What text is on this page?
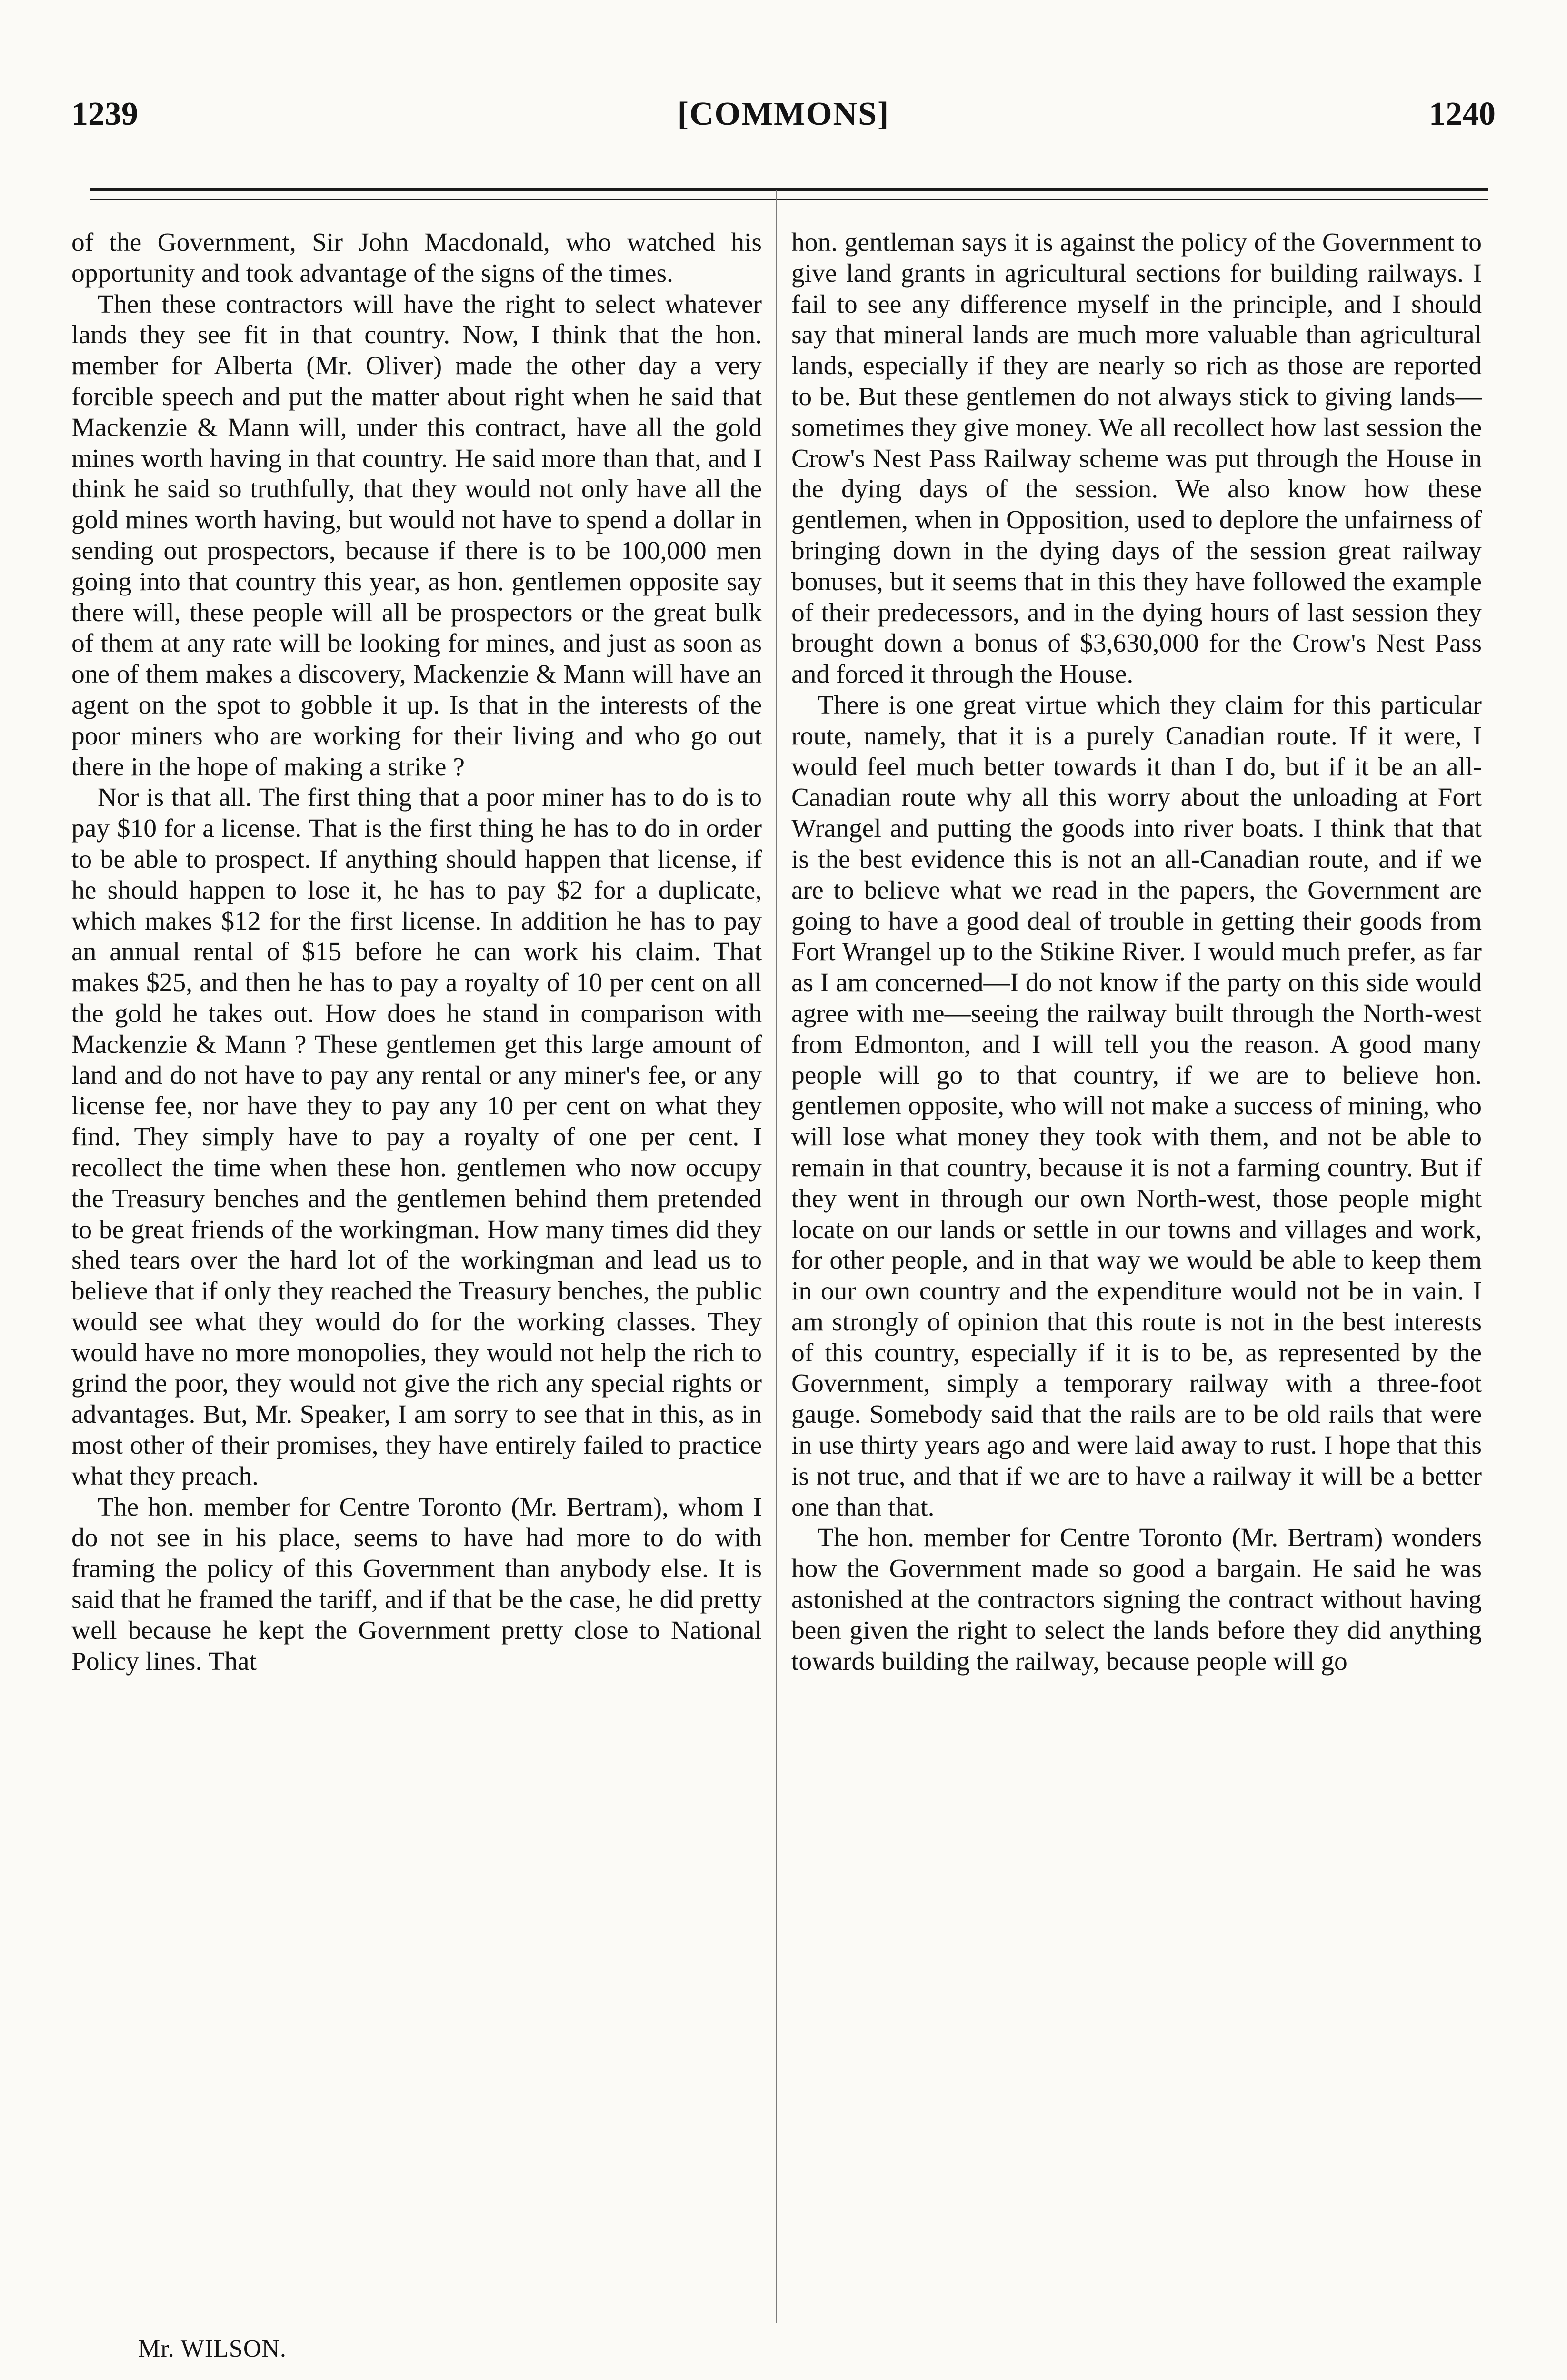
1239	[COMMONS]	1240

of the Government, Sir John Macdonald, who watched his opportunity and took advantage of the signs of the times.

Then these contractors will have the right to select whatever lands they see fit in that country. Now, I think that the hon. member for Alberta (Mr. Oliver) made the other day a very forcible speech and put the matter about right when he said that Mackenzie & Mann will, under this contract, have all the gold mines worth having in that country. He said more than that, and I think he said so truthfully, that they would not only have all the gold mines worth having, but would not have to spend a dollar in sending out prospectors, because if there is to be 100,000 men going into that country this year, as hon. gentlemen opposite say there will, these people will all be prospectors or the great bulk of them at any rate will be looking for mines, and just as soon as one of them makes a discovery, Mackenzie & Mann will have an agent on the spot to gobble it up. Is that in the interests of the poor miners who are working for their living and who go out there in the hope of making a strike ?

Nor is that all. The first thing that a poor miner has to do is to pay $10 for a license. That is the first thing he has to do in order to be able to prospect. If anything should happen that license, if he should happen to lose it, he has to pay $2 for a duplicate, which makes $12 for the first license. In addition he has to pay an annual rental of $15 before he can work his claim. That makes $25, and then he has to pay a royalty of 10 per cent on all the gold he takes out. How does he stand in comparison with Mackenzie & Mann ? These gentlemen get this large amount of land and do not have to pay any rental or any miner's fee, or any license fee, nor have they to pay any 10 per cent on what they find. They simply have to pay a royalty of one per cent. I recollect the time when these hon. gentlemen who now occupy the Treasury benches and the gentlemen behind them pretended to be great friends of the workingman. How many times did they shed tears over the hard lot of the workingman and lead us to believe that if only they reached the Treasury benches, the public would see what they would do for the working classes. They would have no more monopolies, they would not help the rich to grind the poor, they would not give the rich any special rights or advantages. But, Mr. Speaker, I am sorry to see that in this, as in most other of their promises, they have entirely failed to practice what they preach.

The hon. member for Centre Toronto (Mr. Bertram), whom I do not see in his place, seems to have had more to do with framing the policy of this Government than anybody else. It is said that he framed the tariff, and if that be the case, he did pretty well because he kept the Government pretty close to National Policy lines. That

hon. gentleman says it is against the policy of the Government to give land grants in agricultural sections for building railways. I fail to see any difference myself in the principle, and I should say that mineral lands are much more valuable than agricultural lands, especially if they are nearly so rich as those are reported to be. But these gentlemen do not always stick to giving lands—sometimes they give money. We all recollect how last session the Crow's Nest Pass Railway scheme was put through the House in the dying days of the session. We also know how these gentlemen, when in Opposition, used to deplore the unfairness of bringing down in the dying days of the session great railway bonuses, but it seems that in this they have followed the example of their predecessors, and in the dying hours of last session they brought down a bonus of $3,630,000 for the Crow's Nest Pass and forced it through the House.

There is one great virtue which they claim for this particular route, namely, that it is a purely Canadian route. If it were, I would feel much better towards it than I do, but if it be an all-Canadian route why all this worry about the unloading at Fort Wrangel and putting the goods into river boats. I think that that is the best evidence this is not an all-Canadian route, and if we are to believe what we read in the papers, the Government are going to have a good deal of trouble in getting their goods from Fort Wrangel up to the Stikine River. I would much prefer, as far as I am concerned—I do not know if the party on this side would agree with me—seeing the railway built through the North-west from Edmonton, and I will tell you the reason. A good many people will go to that country, if we are to believe hon. gentlemen opposite, who will not make a success of mining, who will lose what money they took with them, and not be able to remain in that country, because it is not a farming country. But if they went in through our own North-west, those people might locate on our lands or settle in our towns and villages and work, for other people, and in that way we would be able to keep them in our own country and the expenditure would not be in vain. I am strongly of opinion that this route is not in the best interests of this country, especially if it is to be, as represented by the Government, simply a temporary railway with a three-foot gauge. Somebody said that the rails are to be old rails that were in use thirty years ago and were laid away to rust. I hope that this is not true, and that if we are to have a railway it will be a better one than that.

The hon. member for Centre Toronto (Mr. Bertram) wonders how the Government made so good a bargain. He said he was astonished at the contractors signing the contract without having been given the right to select the lands before they did anything towards building the railway, because people will go

Mr. WILSON.
